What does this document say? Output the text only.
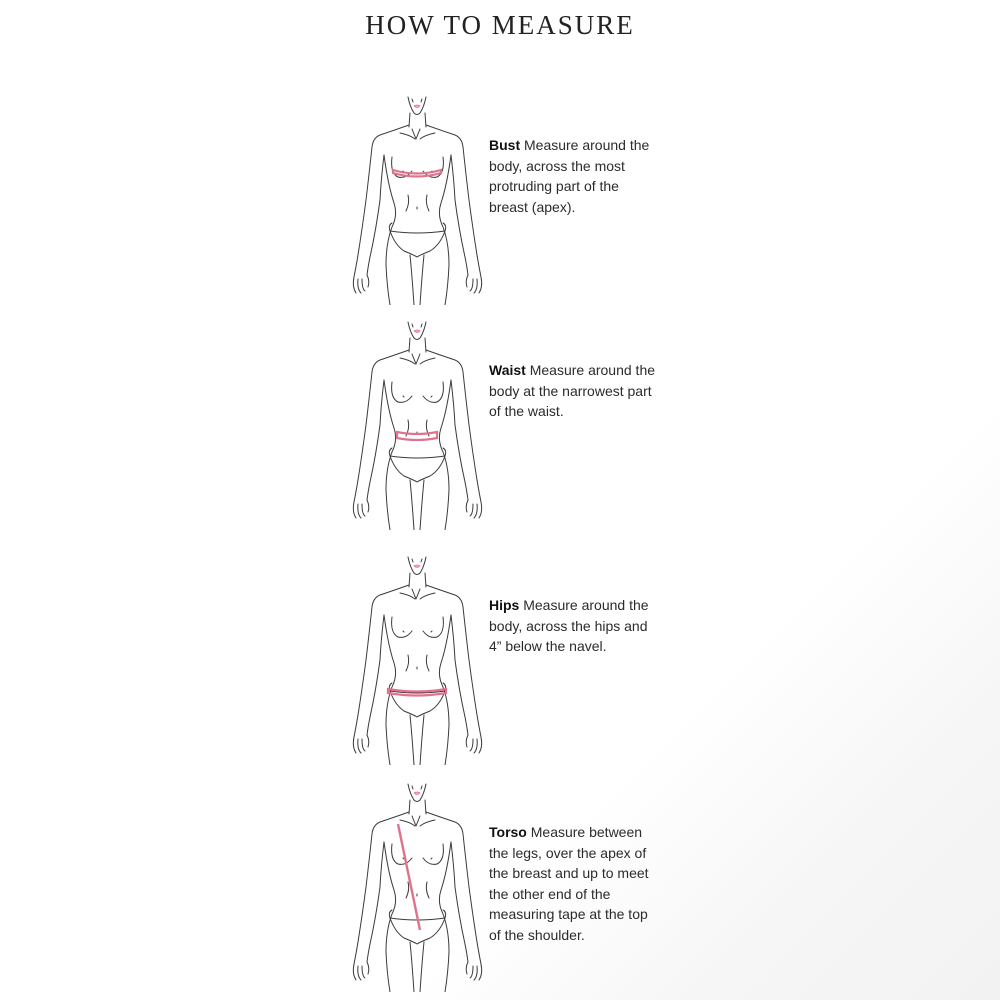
HOW TO MEASURE
Bust Measure around the body, across the most protruding part of the breast (apex).
Waist Measure around the body at the narrowest part of the waist.
Hips Measure around the body, across the hips and 4” below the navel.
Torso Measure between the legs, over the apex of the breast and up to meet the other end of the measuring tape at the top of the shoulder.
